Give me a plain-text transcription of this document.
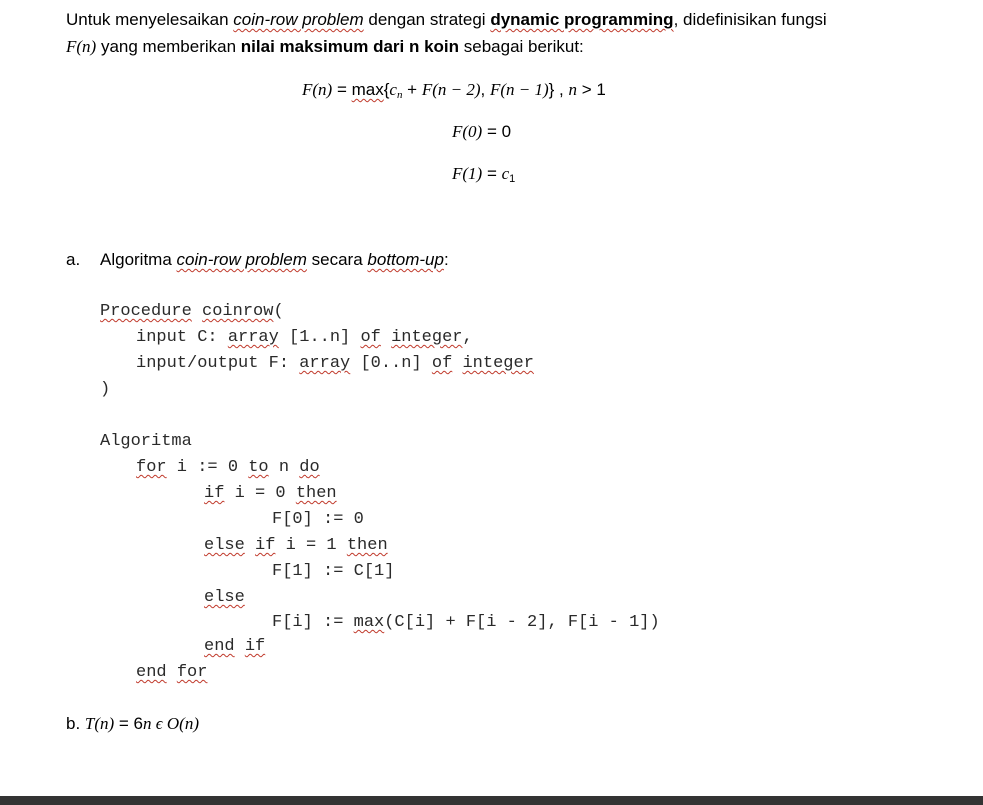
Untuk menyelesaikan coin-row problem dengan strategi dynamic programming, didefinisikan fungsi
F(n) yang memberikan nilai maksimum dari n koin sebagai berikut:
$F(n) = \max\{c_n + F(n - 2)$, F(n − 1)} , n > 1
F(0) = 0
$F(1) = c_1$
a. Algoritma coin-row problem secara bottom-up:
Procedure coinrow(
input C: array [1..n] of integer,
input/output F: array [0..n] of integer
)
Algoritma
for i := 0 to n do
if i = 0 then
F[0] := 0
else if i = 1 then
F[1] := C[1]
else
F[i] := max(C[i] + F[i - 2], F[i - 1])
end if
end for
b. T(n) = 6n ϵ O(n)
